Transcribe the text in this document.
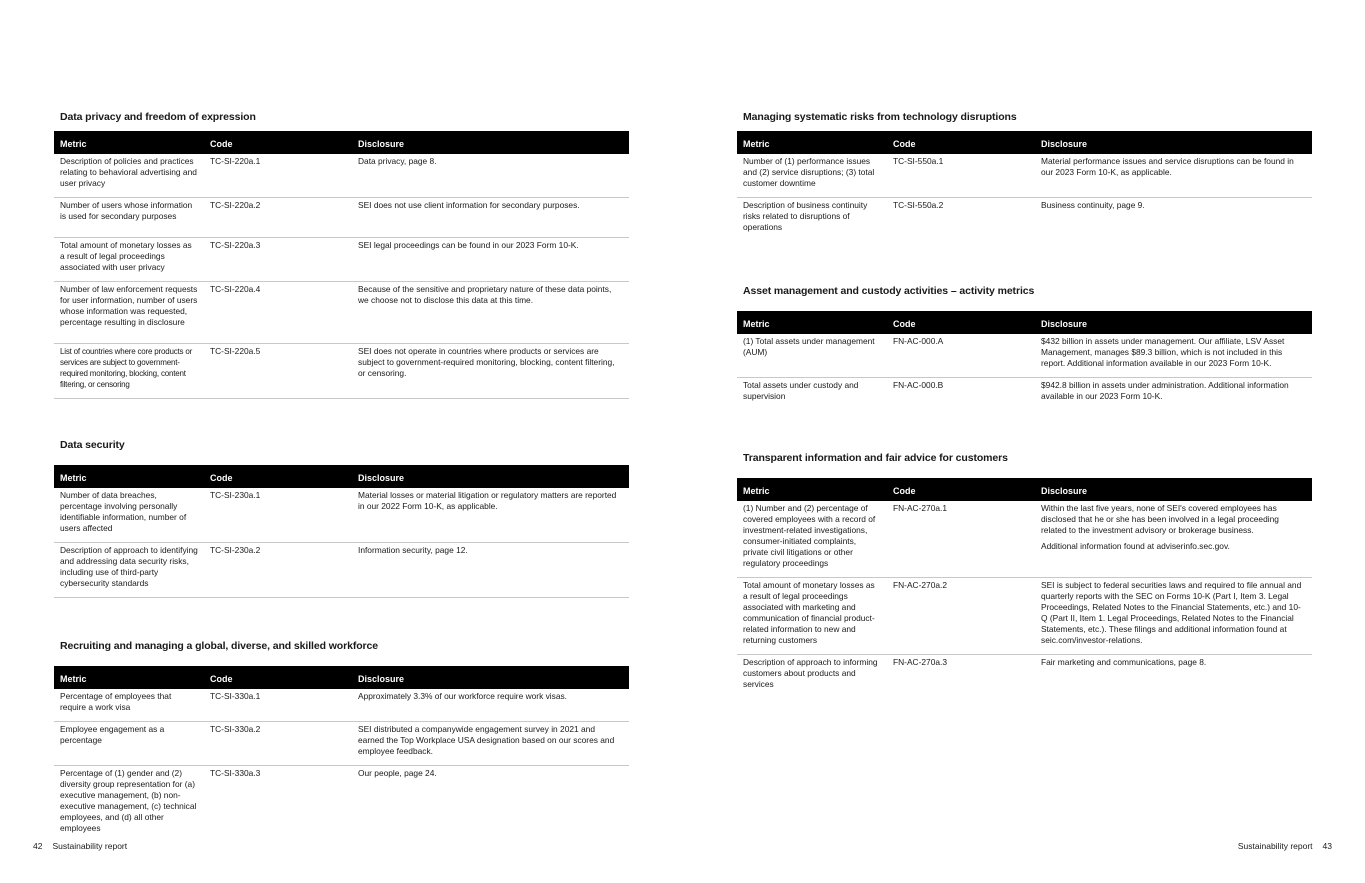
Data privacy and freedom of expression
Metric	Code	Disclosure
Description of policies and practices relating to behavioral advertising and user privacy	TC-SI-220a.1	Data privacy, page 8.
Number of users whose information is used for secondary purposes	TC-SI-220a.2	SEI does not use client information for secondary purposes.
Total amount of monetary losses as a result of legal proceedings associated with user privacy	TC-SI-220a.3	SEI legal proceedings can be found in our 2023 Form 10-K.
Number of law enforcement requests for user information, number of users whose information was requested, percentage resulting in disclosure	TC-SI-220a.4	Because of the sensitive and proprietary nature of these data points, we choose not to disclose this data at this time.
List of countries where core products or services are subject to government-required monitoring, blocking, content filtering, or censoring	TC-SI-220a.5	SEI does not operate in countries where products or services are subject to government-required monitoring, blocking, content filtering, or censoring.
Data security
Metric	Code	Disclosure
Number of data breaches, percentage involving personally identifiable information, number of users affected	TC-SI-230a.1	Material losses or material litigation or regulatory matters are reported in our 2022 Form 10-K, as applicable.
Description of approach to identifying and addressing data security risks, including use of third-party cybersecurity standards	TC-SI-230a.2	Information security, page 12.
Recruiting and managing a global, diverse, and skilled workforce
Metric	Code	Disclosure
Percentage of employees that require a work visa	TC-SI-330a.1	Approximately 3.3% of our workforce require work visas.
Employee engagement as a percentage	TC-SI-330a.2	SEI distributed a companywide engagement survey in 2021 and earned the Top Workplace USA designation based on our scores and employee feedback.
Percentage of (1) gender and (2) diversity group representation for (a) executive management, (b) non-executive management, (c) technical employees, and (d) all other employees	TC-SI-330a.3	Our people, page 24.
Managing systematic risks from technology disruptions
Metric	Code	Disclosure
Number of (1) performance issues and (2) service disruptions; (3) total customer downtime	TC-SI-550a.1	Material performance issues and service disruptions can be found in our 2023 Form 10-K, as applicable.
Description of business continuity risks related to disruptions of operations	TC-SI-550a.2	Business continuity, page 9.
Asset management and custody activities – activity metrics
Metric	Code	Disclosure
(1) Total assets under management (AUM)	FN-AC-000.A	$432 billion in assets under management. Our affiliate, LSV Asset Management, manages $89.3 billion, which is not included in this report. Additional information available in our 2023 Form 10-K.
Total assets under custody and supervision	FN-AC-000.B	$942.8 billion in assets under administration. Additional information available in our 2023 Form 10-K.
Transparent information and fair advice for customers
Metric	Code	Disclosure
(1) Number and (2) percentage of covered employees with a record of investment-related investigations, consumer-initiated complaints, private civil litigations or other regulatory proceedings	FN-AC-270a.1	Within the last five years, none of SEI's covered employees has disclosed that he or she has been involved in a legal proceeding related to the investment advisory or brokerage business.
Additional information found at adviserinfo.sec.gov.

Total amount of monetary losses as a result of legal proceedings associated with marketing and communication of financial product-related information to new and returning customers	FN-AC-270a.2	SEI is subject to federal securities laws and required to file annual and quarterly reports with the SEC on Forms 10-K (Part I, Item 3. Legal Proceedings, Related Notes to the Financial Statements, etc.) and 10-Q (Part II, Item 1. Legal Proceedings, Related Notes to the Financial Statements, etc.). These filings and additional information found at seic.com/investor-relations.
Description of approach to informing customers about products and services	FN-AC-270a.3	Fair marketing and communications, page 8.
42 Sustainability report	Sustainability report 43
